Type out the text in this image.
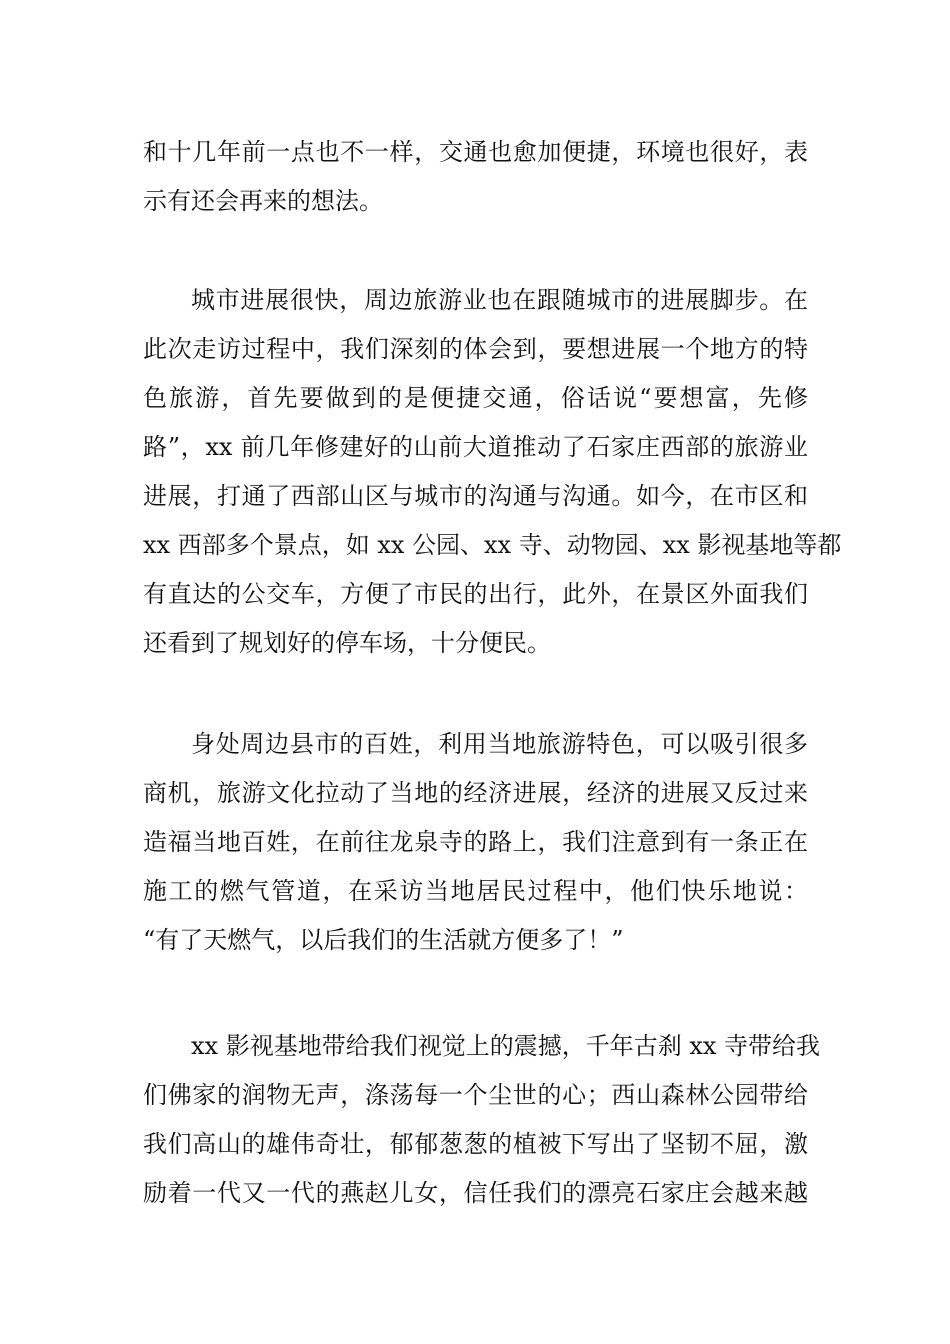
和十几年前一点也不一样，交通也愈加便捷，环境也很好，表
示有还会再来的想法。
城市进展很快，周边旅游业也在跟随城市的进展脚步。在
此次走访过程中，我们深刻的体会到，要想进展一个地方的特
色旅游，首先要做到的是便捷交通，俗话说“要想富，先修
路”，xx 前几年修建好的山前大道推动了石家庄西部的旅游业
进展，打通了西部山区与城市的沟通与沟通。如今，在市区和
xx 西部多个景点，如 xx 公园、xx 寺、动物园、xx 影视基地等都
有直达的公交车，方便了市民的出行，此外，在景区外面我们
还看到了规划好的停车场，十分便民。
身处周边县市的百姓，利用当地旅游特色，可以吸引很多
商机，旅游文化拉动了当地的经济进展，经济的进展又反过来
造福当地百姓，在前往龙泉寺的路上，我们注意到有一条正在
施工的燃气管道，在采访当地居民过程中，他们快乐地说：
“有了天燃气，以后我们的生活就方便多了！”
xx 影视基地带给我们视觉上的震撼，千年古刹 xx 寺带给我
们佛家的润物无声，涤荡每一个尘世的心；西山森林公园带给
我们高山的雄伟奇壮，郁郁葱葱的植被下写出了坚韧不屈，激
励着一代又一代的燕赵儿女，信任我们的漂亮石家庄会越来越
